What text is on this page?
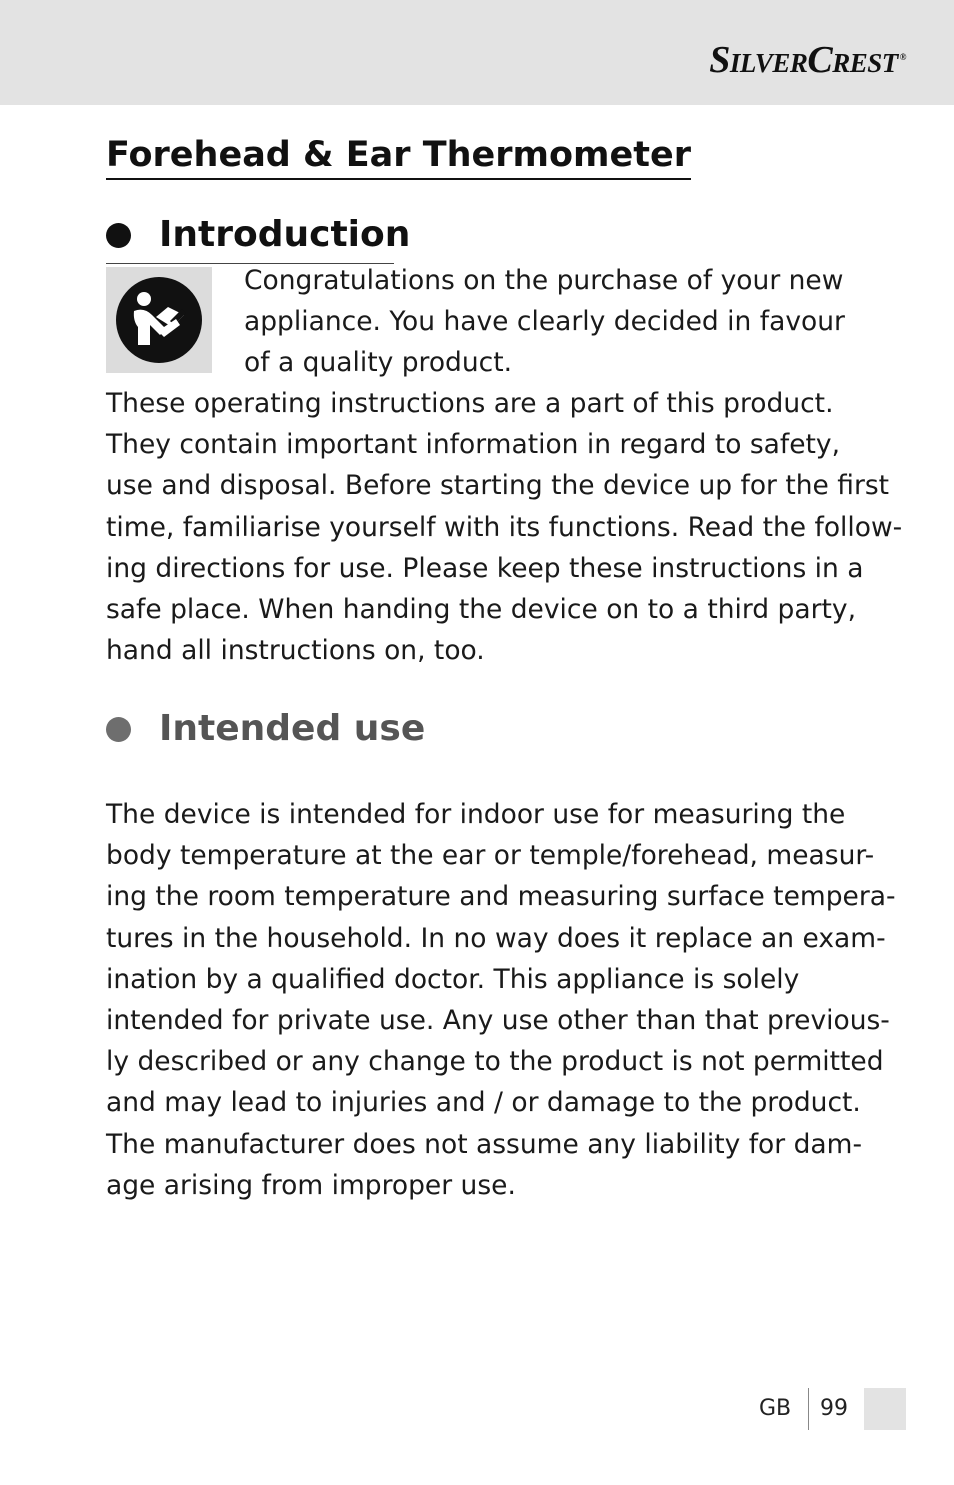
SILVERCREST ®
Forehead & Ear Thermometer
Introduction
Congratulations on the purchase of your new
appliance. You have clearly decided in favour
of a quality product.
These operating instructions are a part of this product.
They contain important information in regard to safety,
use and disposal. Before starting the device up for the first
time, familiarise yourself with its functions. Read the follow-
ing directions for use. Please keep these instructions in a
safe place. When handing the device on to a third party,
hand all instructions on, too.
Intended use
The device is intended for indoor use for measuring the
body temperature at the ear or temple/forehead, measur-
ing the room temperature and measuring surface tempera-
tures in the household. In no way does it replace an exam-
ination by a qualified doctor. This appliance is solely
intended for private use. Any use other than that previous-
ly described or any change to the product is not permitted
and may lead to injuries and / or damage to the product.
The manufacturer does not assume any liability for dam-
age arising from improper use.
GB 99
